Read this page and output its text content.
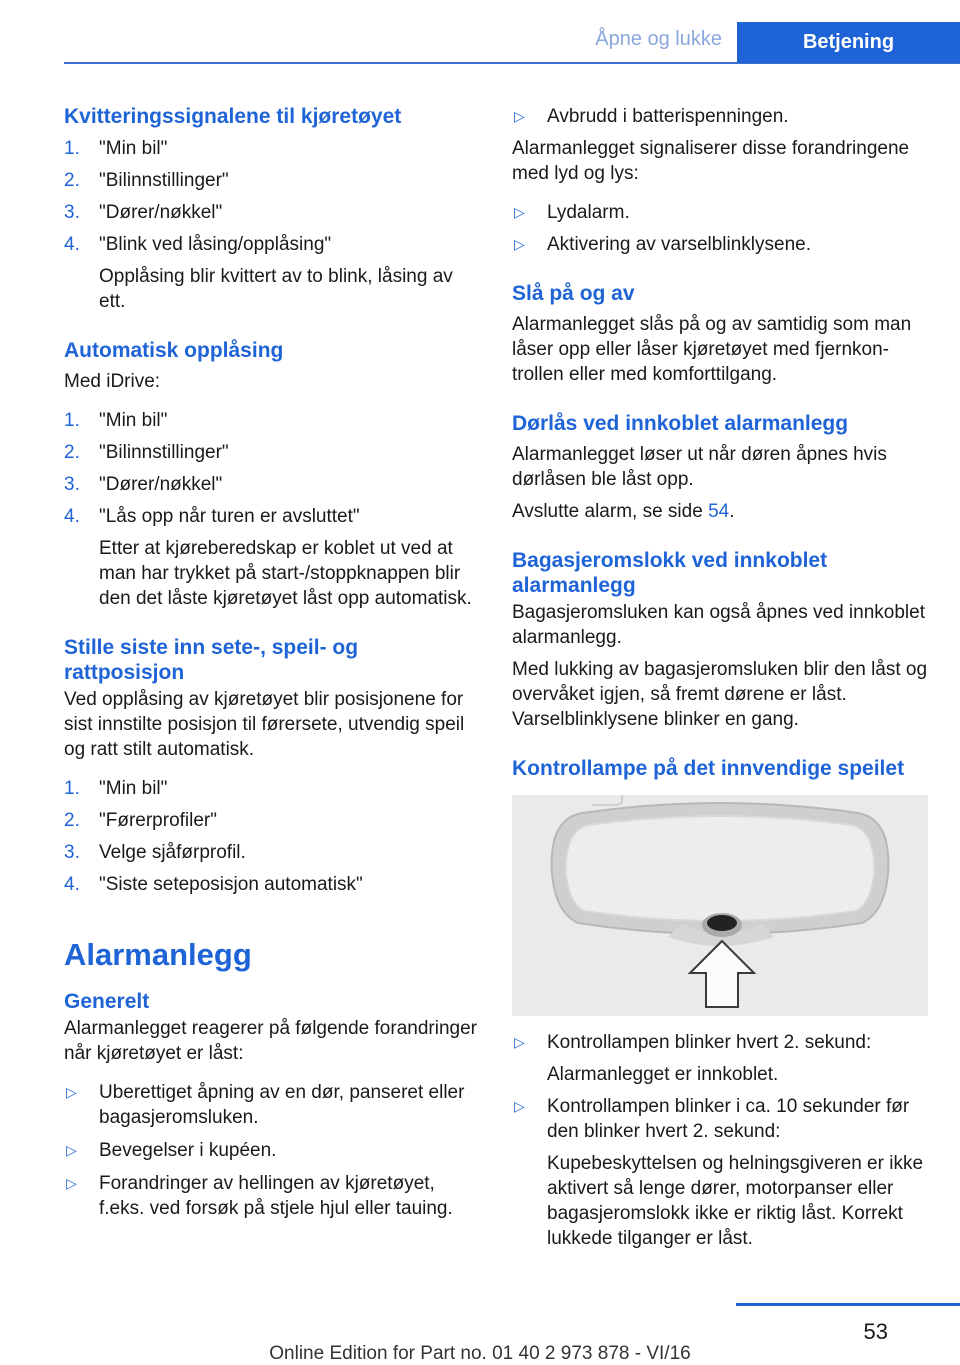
Åpne og lukke	Betjening
Kvitteringssignalene til kjøretøyet
1. "Min bil"
2. "Bilinnstillinger"
3. "Dører/nøkkel"
4. "Blink ved låsing/opplåsing"
Opplåsing blir kvittert av to blink, låsing av ett.
Automatisk opplåsing

Med iDrive:

1. "Min bil"
2. "Bilinnstillinger"
3. "Dører/nøkkel"
4. "Lås opp når turen er avsluttet"
Etter at kjøreberedskap er koblet ut ved at man har trykket på start-/stoppknappen blir den det låste kjøretøyet låst opp automatisk.
Stille siste inn sete-, speil- og rattposisjon

Ved opplåsing av kjøretøyet blir posisjonene for sist innstilte posisjon til førersete, utvendig speil og ratt stilt automatisk.

1. "Min bil"
2. "Førerprofiler"
3. Velge sjåførprofil.
4. "Siste seteposisjon automatisk"
Alarmanlegg
Generelt

Alarmanlegget reagerer på følgende forandringer når kjøretøyet er låst:

▷ Uberettiget åpning av en dør, panseret eller bagasjeromsluken.
▷ Bevegelser i kupéen.
▷ Forandringer av hellingen av kjøretøyet, f.eks. ved forsøk på stjele hjul eller tauing.
▷ Avbrudd i batterispenningen.

Alarmanlegget signaliserer disse forandringene med lyd og lys:

▷ Lydalarm.
▷ Aktivering av varselblinklysene.
Slå på og av

Alarmanlegget slås på og av samtidig som man låser opp eller låser kjøretøyet med fjernkontrollen eller med komforttilgang.

Dørlås ved innkoblet alarmanlegg

Alarmanlegget løser ut når døren åpnes hvis dørlåsen ble låst opp.

Avslutte alarm, se side 54.

Bagasjeromslokk ved innkoblet alarmanlegg

Bagasjeromsluken kan også åpnes ved innkoblet alarmanlegg.

Med lukking av bagasjeromsluken blir den låst og overvåket igjen, så fremt dørene er låst. Varselblinklysene blinker en gang.

Kontrollampe på det innvendige speilet
▷ Kontrollampen blinker hvert 2. sekund:
Alarmanlegget er innkoblet.
▷ Kontrollampen blinker i ca. 10 sekunder før den blinker hvert 2. sekund:
Kupebeskyttelsen og helningsgiveren er ikke aktivert så lenge dører, motorpanser eller bagasjeromslokk ikke er riktig låst. Korrekt lukkede tilganger er låst.
53
Online Edition for Part no. 01 40 2 973 878 - VI/16
